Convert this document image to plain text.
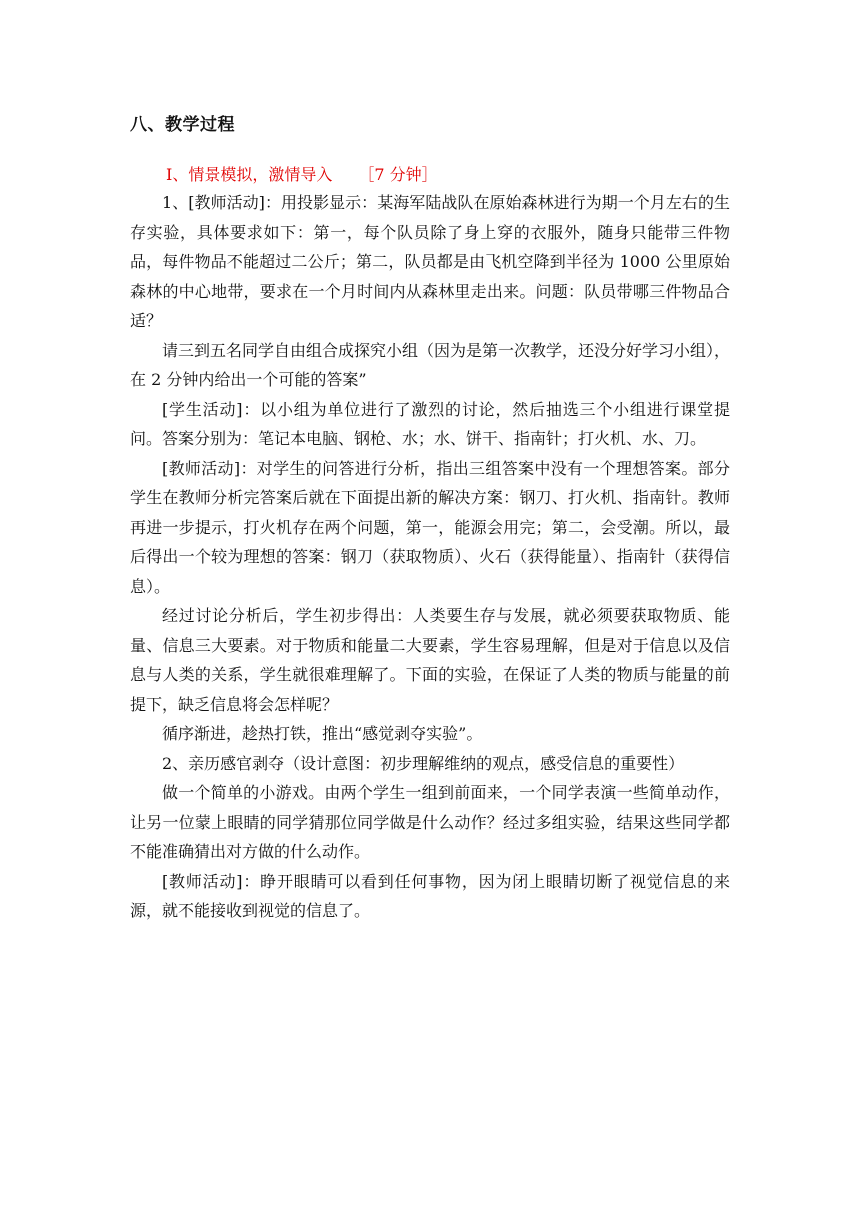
八、教学过程
Ⅰ、情景模拟，激情导入 ［7 分钟］

1、[教师活动]：用投影显示：某海军陆战队在原始森林进行为期一个月左右的生存实验，具体要求如下：第一，每个队员除了身上穿的衣服外，随身只能带三件物品，每件物品不能超过二公斤；第二，队员都是由飞机空降到半径为 1000 公里原始森林的中心地带，要求在一个月时间内从森林里走出来。问题：队员带哪三件物品合适？

请三到五名同学自由组合成探究小组（因为是第一次教学，还没分好学习小组），在 2 分钟内给出一个可能的答案”

[学生活动]：以小组为单位进行了激烈的讨论，然后抽选三个小组进行课堂提问。答案分别为：笔记本电脑、钢枪、水；水、饼干、指南针；打火机、水、刀。

[教师活动]：对学生的问答进行分析，指出三组答案中没有一个理想答案。部分学生在教师分析完答案后就在下面提出新的解决方案：钢刀、打火机、指南针。教师再进一步提示，打火机存在两个问题，第一，能源会用完；第二，会受潮。所以，最后得出一个较为理想的答案：钢刀（获取物质）、火石（获得能量）、指南针（获得信息）。

经过讨论分析后，学生初步得出：人类要生存与发展，就必须要获取物质、能量、信息三大要素。对于物质和能量二大要素，学生容易理解，但是对于信息以及信息与人类的关系，学生就很难理解了。下面的实验，在保证了人类的物质与能量的前提下，缺乏信息将会怎样呢？

循序渐进，趁热打铁，推出“感觉剥夺实验”。

2、亲历感官剥夺（设计意图：初步理解维纳的观点，感受信息的重要性）

做一个简单的小游戏。由两个学生一组到前面来，一个同学表演一些简单动作，让另一位蒙上眼睛的同学猜那位同学做是什么动作？经过多组实验，结果这些同学都不能准确猜出对方做的什么动作。

[教师活动]：睁开眼睛可以看到任何事物，因为闭上眼睛切断了视觉信息的来源，就不能接收到视觉的信息了。
